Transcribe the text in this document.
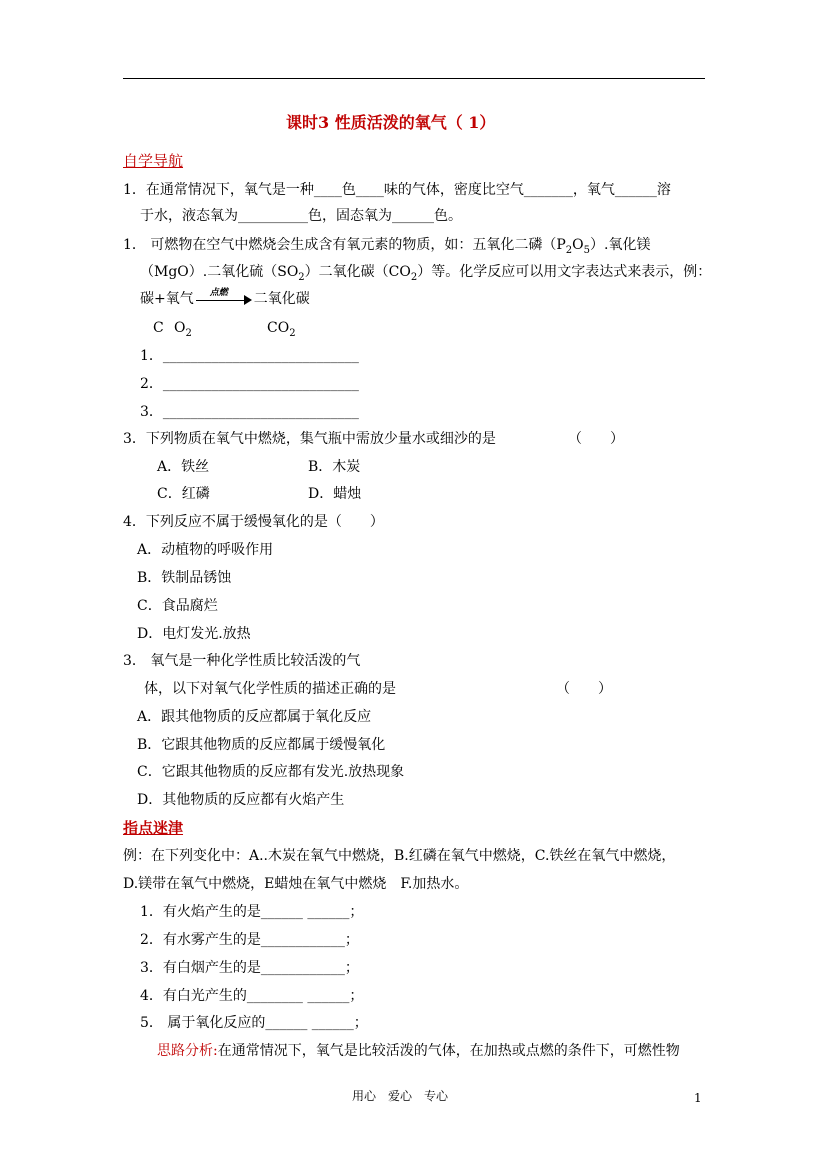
课时3 性质活泼的氧气（ 1）
自学导航
1．在通常情况下，氧气是一种____色____味的气体，密度比空气_______，氧气______溶
于水，液态氧为__________色，固态氧为______色。
1． 可燃物在空气中燃烧会生成含有氧元素的物质，如：五氧化二磷$(P_2O_5)$.氧化镁
（MgO）.二氧化硫$(SO_2)$二氧化碳$(CO_2)$等。化学反应可以用文字表达式来表示，例：
碳+氧气 点燃 二氧化碳
C $O_2$	$CO_2$
1．____________________________
2．____________________________
3．____________________________
3．下列物质在氧气中燃烧，集气瓶中需放少量水或细沙的是	（　　）
A．铁丝	B．木炭
C．红磷	D．蜡烛
4．下列反应不属于缓慢氧化的是（　　）
A．动植物的呼吸作用
B．铁制品锈蚀
C．食品腐烂
D．电灯发光.放热
3． 氧气是一种化学性质比较活泼的气
体，以下对氧气化学性质的描述正确的是	（　　）
A．跟其他物质的反应都属于氧化反应
B．它跟其他物质的反应都属于缓慢氧化
C．它跟其他物质的反应都有发光.放热现象
D．其他物质的反应都有火焰产生
指点迷津
例：在下列变化中：A..木炭在氧气中燃烧，B.红磷在氧气中燃烧，C.铁丝在氧气中燃烧，
D.镁带在氧气中燃烧，E蜡烛在氧气中燃烧　F.加热水。
1．有火焰产生的是______ ______；
2．有水雾产生的是____________；
3．有白烟产生的是____________；
4．有白光产生的________ ______；
5． 属于氧化反应的______ ______；
思路分析:在通常情况下，氧气是比较活泼的气体，在加热或点燃的条件下，可燃性物
用心　爱心　专心	1
